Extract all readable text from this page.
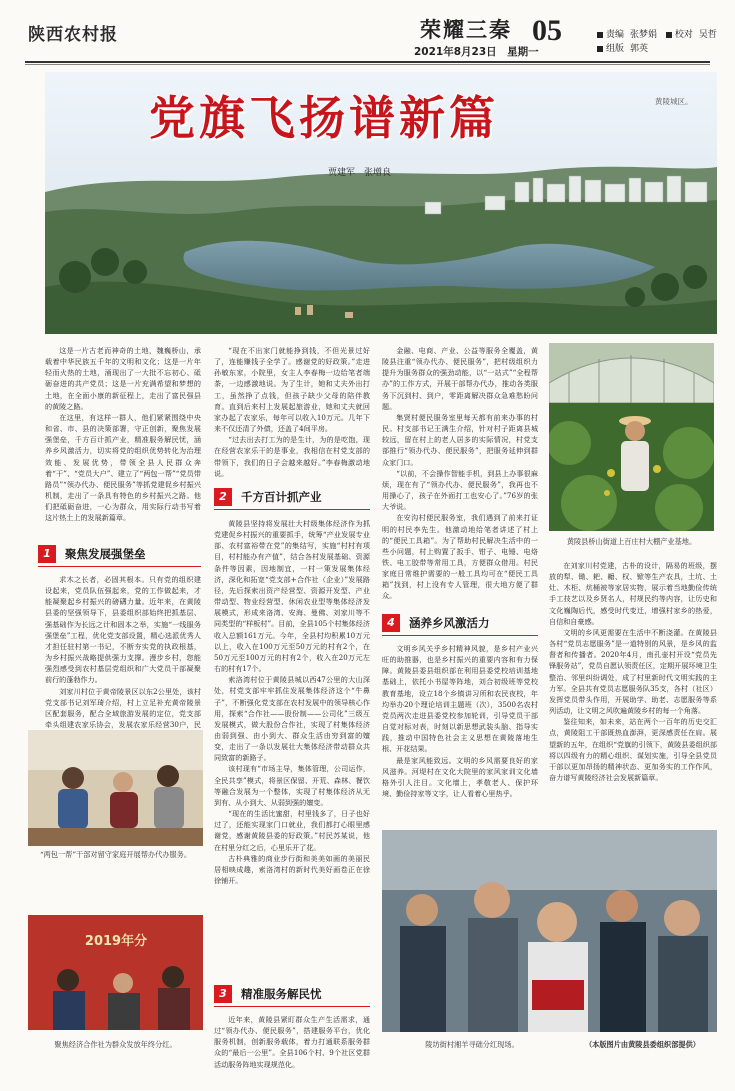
陕西农村报	荣耀三秦 05
2021年8月23日　星期一
责编 张梦娟 校对 吴哲
组版 郭英
党旗飞扬谱新篇
贾建军　张增良
黄陵城区。

这是一片古老而神奇的土地，魏巍桥山，承载着中华民族五千年的文明和文化；这是一片年轻而火热的土地，涌现出了一大批不忘初心、砥砺奋进的共产党员；这是一片充满希望和梦想的土地，在全面小康的新征程上，走出了富民强县的黄陵之路。

在这里，有这样一群人，他们紧紧围绕中央和省、市、县的决策部署，守正创新，聚焦发展强堡垒，千方百计抓产业，精准服务解民忧，涵养乡风激活力，切实将党的组织优势转化为治理效能、发展优势，带领全县人民群众奔着“干”、“党员大户”、建立了“两包一帮”“党员带路员”“领办代办、便民服务”等抓党建促乡村振兴机制，走出了一条具有特色的乡村振兴之路。他们把砥砺奋进，一心为群众，用实际行动书写着这片热土上的发展新篇章。

1	聚焦发展强堡垒

求木之长者，必固其根本。只有党的组织建设起来，党员队伍强起来，党的工作做起来，才能凝聚起乡村振兴的磅礴力量。近年来，在黄陵县委的坚强领导下，县委组织部始终把抓基层、强基础作为长远之计和固本之举，实施“一线服务强堡垒”工程，优化党支部设置，精心选派优秀人才担任驻村第一书记，不断夯实党的执政根基，为乡村振兴战略提供强力支撑。漫步乡村，您能强烈感受到农村基层党组织和广大党员干部凝聚前行的蓬勃作力。

刘家川村位于黄帝陵景区以东2公里处，该村党支部书记刘军琦介绍，村上立足补充黄帝陵景区配套服务，配合全域旅游发展的定位，党支部牵头组建农家乐协会，发展农家乐经营30户，民

“两包一帮”干部对留守家庭开展帮办代办服务。
2019年分
聚焦经济合作社为群众发放年终分红。

“现在不出家门就能挣到钱，不但光景过好了，连能赚钱子全学了。感谢党的好政策。”走进孙敏东家，小院里，女主人李春梅一边给笔者端茶，一边感激地说。为了生计，她和丈夫外出打工，虽然挣了点钱，但孩子缺少父母的陪伴教育。直到后来村上发展起旅游业，她和丈夫就回家办起了农家乐，每年可以收入10万元。几年下来不仅还清了外债，还盖了4间平房。

“过去出去打工为的是生计，为的是吃饱，现在经营农家乐干的是事业，我相信在村党支部的带领下，我们的日子会越来越好。”李春梅激动地说。

2	千方百计抓产业

黄陵县坚持将发展壮大村级集体经济作为抓党建促乡村振兴的重要抓手，统筹“产业发展专业部、农村富裕带在党”的集结写，实施“村村有项目，村村能办有产值”，结合各村发展基础、资源条件等因素，因地制宜，一村一策发展集体经济，深化和拓宽“党支部+合作社（企业）”发展路径，先后探索出资产经营型、资源开发型、产业带动型、物业经营型、休闲农业型等集体经济发展模式，形成来洛湾、安海、曼佛、刘家川等不同类型的“样板村”。目前，全县105个村集体经济收入总额161万元。今年，全县村均积累10万元以上，收入在100万元至50万元的村有2个，在50万元至100万元的村有2个，收入在20万元左右的村有17个。

索洛湾村位于黄陵县城以西47公里的大山深处，村党支部牢牢抓住发展集体经济这个“牛鼻子”，不断强化党支部在农村发展中的领导核心作用，探索“合作社——股份制——公司化”三级互发展模式，做大股份合作社，实现了村集体经济由弱到强、由小到大、群众生活由穷到富的嬗变，走出了一条以发展壮大集体经济带动群众共同致富的新路子。

该村现有“市场主导，集体管理，公司运作，全民共享”模式，将景区保留、开荒、森林、餐饮等融合发展为一个整体，实现了村集体经济从无到有、从小到大、从弱到强的嬗变。

“现在的生活比蜜甜，村里钱多了，日子也好过了，还能实现家门口就业，我们都打心眼里感谢党，感谢黄陵县委的好政策。”村民苏某说，他在村里分红之后，心里乐开了花。

古朴典雅的商业步行街和美美如画的美丽民居相映成趣，索洛湾村的新时代美好画卷正在徐徐铺开。

3	精准服务解民忧

近年来，黄陵县紧盯群众生产生活需求，通过“领办代办、便民服务”，搭建服务平台，优化服务机制，创新服务载体，着力打通联系服务群众的“最后一公里”。全县106个村、9个社区党群活动服务阵地实现规范化。

金融、电商、产业、公益等服务全覆盖，黄陵县注重“领办代办、便民服务”，把村级组织力提升为服务群众的强劲动能，以“一站式”“全程帮办”的工作方式，开展干部帮办代办，推动各类服务下沉到村、到户，零距离解决群众急难愁盼问题。

集贤村便民服务室里每天都有前来办事的村民。村支部书记王满生介绍，针对村子距离县城较远，留在村上的老人居多的实际情况，村党支部推行“领办代办、便民服务”，把服务延伸到群众家门口。

“以前，不会操作智能手机，到县上办事很麻烦，现在有了“领办代办、便民服务”，我再也不用操心了，孩子在外面打工也安心了。”76岁的张大爷说。

在安沟村便民服务室，我们遇到了前来打证明的村民李先生。他激动地给笔者讲述了村上的“便民工具箱”。为了帮助村民解决生活中的一些小问题，村上购置了扳手、钳子、电锤、电烙铁、电工胶带等常用工具，方便群众借用。村民家庭日常维护需要的一般工具均可在“便民工具箱”找到，村上没有专人管理，很大地方便了群众。

4	涵养乡风激活力

文明乡风关乎乡村精神风貌，是乡村产业兴旺的助推器，也是乡村振兴的重要内容和有力保障。黄陵县委县组织部在利用县委党校培训基地基础上，依托小书屋等阵地，刘合初级班等党校教育基地，设立18个乡镇讲习所和农民夜校，年均举办20个理论培训主题班（次），3500名农村党员两次走进县委党校参加轮训，引导党员干部自觉对标对表，时刻以新思想武装头脑、指导实践，推动中国特色社会主义思想在黄陵落地生根、开花结果。

最是家风能致远。文明的乡风需要良好的家风滋养。河堤村在文化大院里的家风家训文化墙格外引人注目。文化墙上，孝敬老人、保护环境、勤俭持家等文字，让人看着心里热乎。

黄陵县桥山街道上百庄村大棚产业基地。

在刘家川村党建，古朴的设计，隔易的班级，摆放的犁、锄、耙、耱、权、锨等生产农具，土坑、土灶、木柜、炕桶被等家居实物，展示着当地勤俭传统手工技艺以及乡贤名人，村规民约等内容，让历史和文化巍陶后代，感受时代变迁，增强村家乡的热爱，自信和自豪感。

文明的乡风更需要在生活中不断浇灌。在黄陵县各村“党员志愿服务”是一道特别的风景，是乡风的监督者和传播者。2020年4月，南孔壶村开设“党员先锋服务站”，党员自愿认领责任区，定期开展环境卫生整治、邻里纠纷调处，成了村里新时代文明实践的主力军。全县共有党员志愿服务队35支，各村（社区）发挥党员带头作用，开展助学、助老、志愿服务等系列活动，让文明之风吹遍黄陵乡村的每一个角落。

鉴往知来，如未来，站在两个一百年的历史交汇点，黄陵阻工干部既热血澎湃，更深感责任在肩。展望新的五年，在组织“党旗的引领下，黄陵县委组织部将以四级有力的精心组织、谋划实施，引导全县党员干部以更加昂扬的精神状态、更加务实的工作作风，奋力谱写黄陵经济社会发展新篇章。

陵坊街村湘羊寻础分红现场。	（本版图片由黄陵县委组织部提供）
